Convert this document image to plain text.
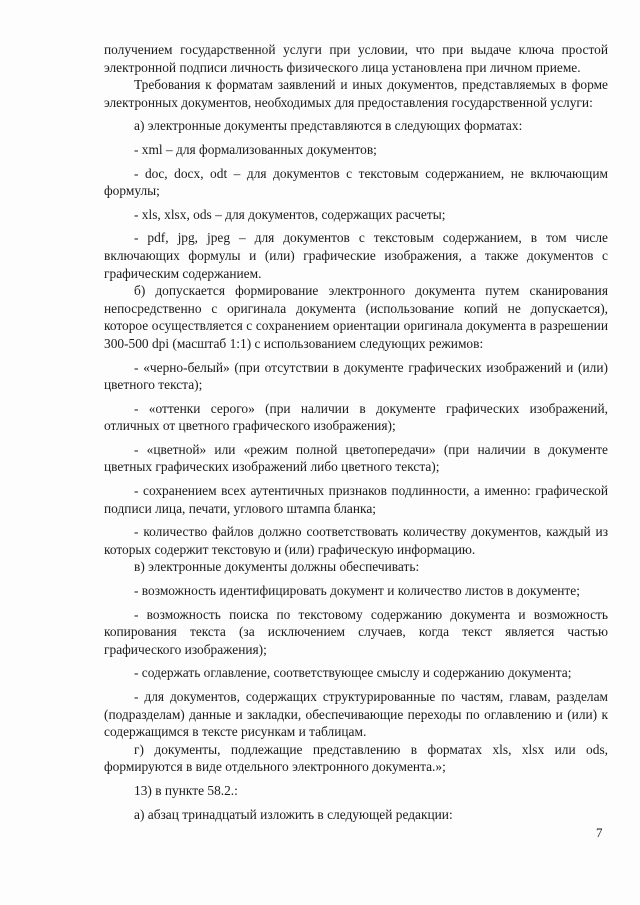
получением государственной услуги при условии, что при выдаче ключа простой электронной подписи личность физического лица установлена при личном приеме.

Требования к форматам заявлений и иных документов, представляемых в форме электронных документов, необходимых для предоставления государственной услуги:

а) электронные документы представляются в следующих форматах:

- xml – для формализованных документов;

- doc, docx, odt – для документов с текстовым содержанием, не включающим формулы;

- xls, xlsx, ods – для документов, содержащих расчеты;

- pdf, jpg, jpeg – для документов с текстовым содержанием, в том числе включающих формулы и (или) графические изображения, а также документов с графическим содержанием.

б) допускается формирование электронного документа путем сканирования непосредственно с оригинала документа (использование копий не допускается), которое осуществляется с сохранением ориентации оригинала документа в разрешении 300-500 dpi (масштаб 1:1) с использованием следующих режимов:

- «черно-белый» (при отсутствии в документе графических изображений и (или) цветного текста);

- «оттенки серого» (при наличии в документе графических изображений, отличных от цветного графического изображения);

- «цветной» или «режим полной цветопередачи» (при наличии в документе цветных графических изображений либо цветного текста);

- сохранением всех аутентичных признаков подлинности, а именно: графической подписи лица, печати, углового штампа бланка;

- количество файлов должно соответствовать количеству документов, каждый из которых содержит текстовую и (или) графическую информацию.

в) электронные документы должны обеспечивать:

- возможность идентифицировать документ и количество листов в документе;

- возможность поиска по текстовому содержанию документа и возможность копирования текста (за исключением случаев, когда текст является частью графического изображения);

- содержать оглавление, соответствующее смыслу и содержанию документа;

- для документов, содержащих структурированные по частям, главам, разделам (подразделам) данные и закладки, обеспечивающие переходы по оглавлению и (или) к содержащимся в тексте рисункам и таблицам.

г) документы, подлежащие представлению в форматах xls, xlsx или ods, формируются в виде отдельного электронного документа.»;

13) в пункте 58.2.:

а) абзац тринадцатый изложить в следующей редакции:

7
